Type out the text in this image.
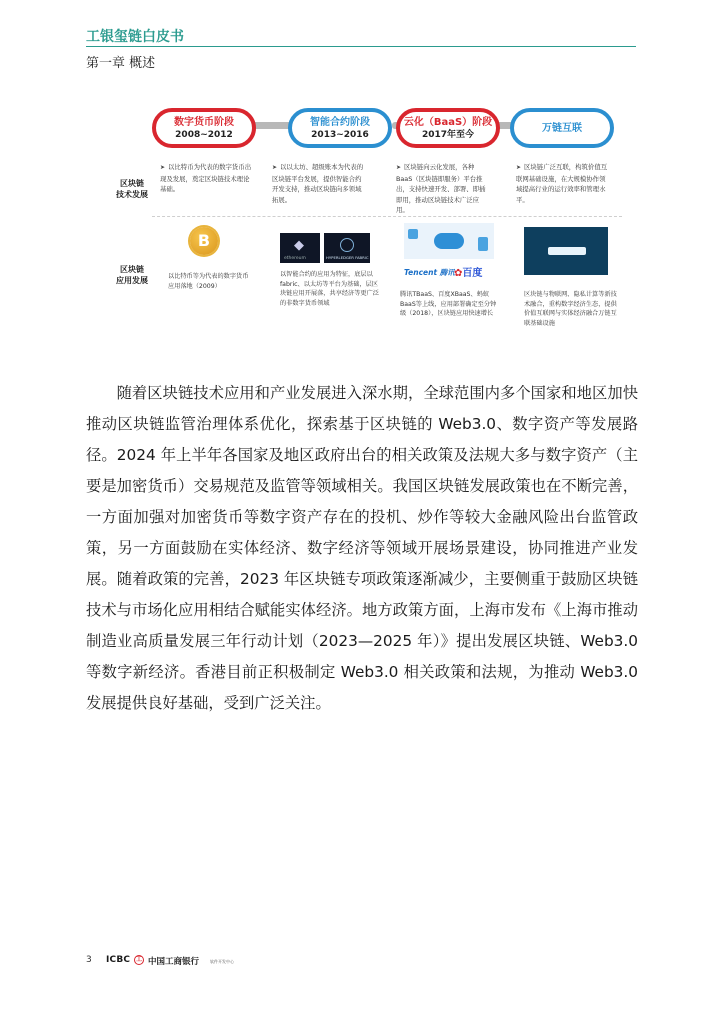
工银玺链白皮书
第一章 概述
数字货币阶段
2008~2012
智能合约阶段
2013~2016
云化（BaaS）阶段
2017年至今
万链互联
区块链
技术发展
区块链
应用发展
➤ 以比特币为代表的数字货币出现及发展，奠定区块链技术理论基础。
➤ 以以太坊、超级账本为代表的区块链平台发展，提供智能合约开发支持，推动区块链向多领域拓展。
➤ 区块链向云化发展，各种BaaS（区块链即服务）平台推出，支持快速开发、部署、即插即用，推动区块链技术广泛应用。
➤ 区块链广泛互联，构筑价值互联网基础设施，在大规模协作领域提高行业的运行效率和管理水平。
B
以比特币等为代表的数字货币应用落地（2009）
◆
ethereum	HYPERLEDGER FABRIC
以智能合约的应用为特征，底层以fabric、以太坊等平台为基础，层区块链应用开展落，共享经济等更广泛的非数字货币领域
Tencent 腾讯 ✿百度
腾讯TBaaS、百度XBaaS、蚂蚁BaaS等上线，应用部署确定至分钟级（2018），区块链应用快速增长
区块链与物联网、隐私计算等新技术融合，重构数字经济生态，提供价值互联网与实体经济融合万链互联基础设施

随着区块链技术应用和产业发展进入深水期，全球范围内多个国家和地区加快推动区块链监管治理体系优化，探索基于区块链的 Web3.0、数字资产等发展路径。2024 年上半年各国家及地区政府出台的相关政策及法规大多与数字资产（主要是加密货币）交易规范及监管等领域相关。我国区块链发展政策也在不断完善，一方面加强对加密货币等数字资产存在的投机、炒作等较大金融风险出台监管政策，另一方面鼓励在实体经济、数字经济等领域开展场景建设，协同推进产业发展。随着政策的完善，2023 年区块链专项政策逐渐减少，主要侧重于鼓励区块链技术与市场化应用相结合赋能实体经济。地方政策方面，上海市发布《上海市推动制造业高质量发展三年行动计划（2023—2025 年）》提出发展区块链、Web3.0 等数字新经济。香港目前正积极制定 Web3.0 相关政策和法规，为推动 Web3.0 发展提供良好基础，受到广泛关注。

3 ICBC 工 中国工商银行	软件开发中心
